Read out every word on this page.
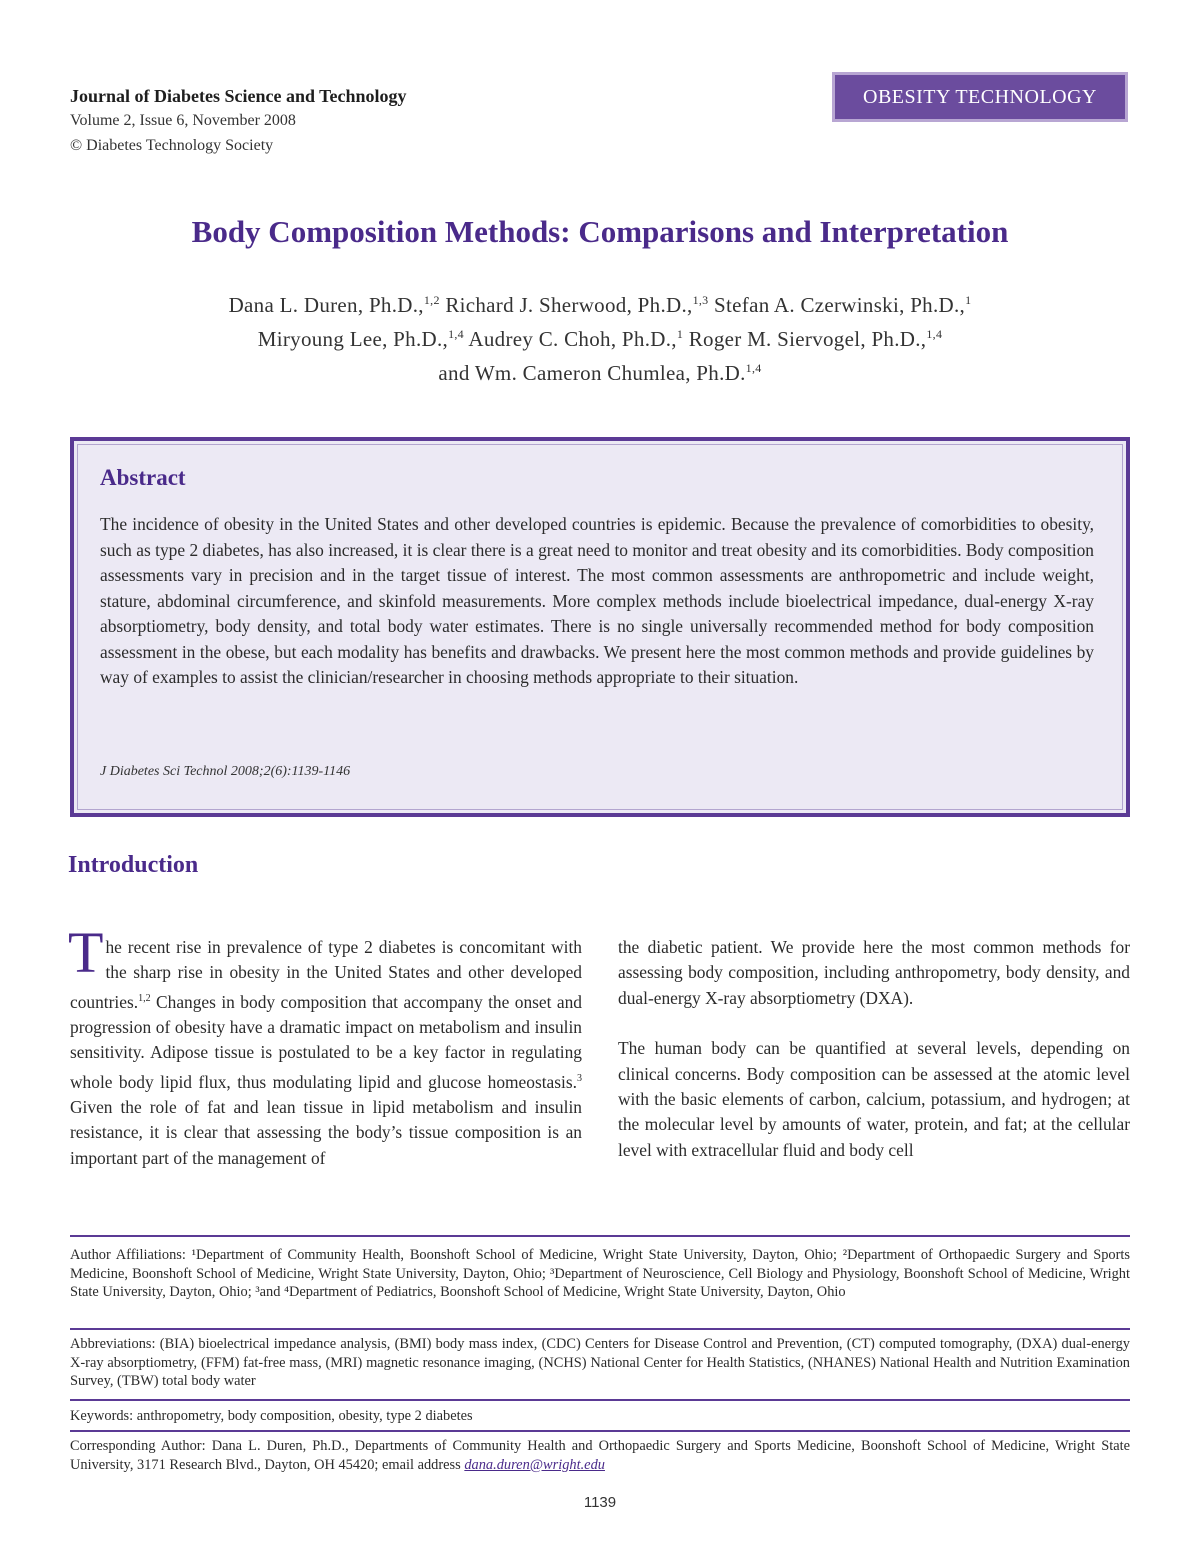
Journal of Diabetes Science and Technology
Volume 2, Issue 6, November 2008
© Diabetes Technology Society
OBESITY TECHNOLOGY
Body Composition Methods: Comparisons and Interpretation
Dana L. Duren, Ph.D.,$^{1,2}$ Richard J. Sherwood, Ph.D.,$^{1,3}$ Stefan A. Czerwinski, Ph.D.,$^1$
Miryoung Lee, Ph.D.,$^{1,4}$ Audrey C. Choh, Ph.D.,$^1$ Roger M. Siervogel, Ph.D.,$^{1,4}$
and Wm. Cameron Chumlea, Ph.D.$^{1,4}$
Abstract
The incidence of obesity in the United States and other developed countries is epidemic. Because the prevalence of comorbidities to obesity, such as type 2 diabetes, has also increased, it is clear there is a great need to monitor and treat obesity and its comorbidities. Body composition assessments vary in precision and in the target tissue of interest. The most common assessments are anthropometric and include weight, stature, abdominal circumference, and skinfold measurements. More complex methods include bioelectrical impedance, dual-energy X-ray absorptiometry, body density, and total body water estimates. There is no single universally recommended method for body composition assessment in the obese, but each modality has benefits and drawbacks. We present here the most common methods and provide guidelines by way of examples to assist the clinician/researcher in choosing methods appropriate to their situation.
J Diabetes Sci Technol 2008;2(6):1139-1146
Introduction

The recent rise in prevalence of type 2 diabetes is concomitant with the sharp rise in obesity in the United States and other developed countries.$^{1,2}$ Changes in body composition that accompany the onset and progression of obesity have a dramatic impact on metabolism and insulin sensitivity. Adipose tissue is postulated to be a key factor in regulating whole body lipid flux, thus modulating lipid and glucose homeostasis.$^3$ Given the role of fat and lean tissue in lipid metabolism and insulin resistance, it is clear that assessing the body’s tissue composition is an important part of the management of

the diabetic patient. We provide here the most common methods for assessing body composition, including anthropometry, body density, and dual-energy X-ray absorptiometry (DXA).

The human body can be quantified at several levels, depending on clinical concerns. Body composition can be assessed at the atomic level with the basic elements of carbon, calcium, potassium, and hydrogen; at the molecular level by amounts of water, protein, and fat; at the cellular level with extracellular fluid and body cell

Author Affiliations: ¹Department of Community Health, Boonshoft School of Medicine, Wright State University, Dayton, Ohio; ²Department of Orthopaedic Surgery and Sports Medicine, Boonshoft School of Medicine, Wright State University, Dayton, Ohio; ³Department of Neuroscience, Cell Biology and Physiology, Boonshoft School of Medicine, Wright State University, Dayton, Ohio; ³and ⁴Department of Pediatrics, Boonshoft School of Medicine, Wright State University, Dayton, Ohio
Abbreviations: (BIA) bioelectrical impedance analysis, (BMI) body mass index, (CDC) Centers for Disease Control and Prevention, (CT) computed tomography, (DXA) dual-energy X-ray absorptiometry, (FFM) fat-free mass, (MRI) magnetic resonance imaging, (NCHS) National Center for Health Statistics, (NHANES) National Health and Nutrition Examination Survey, (TBW) total body water
Keywords: anthropometry, body composition, obesity, type 2 diabetes
Corresponding Author: Dana L. Duren, Ph.D., Departments of Community Health and Orthopaedic Surgery and Sports Medicine, Boonshoft School of Medicine, Wright State University, 3171 Research Blvd., Dayton, OH 45420; email address dana.duren@wright.edu
1139
